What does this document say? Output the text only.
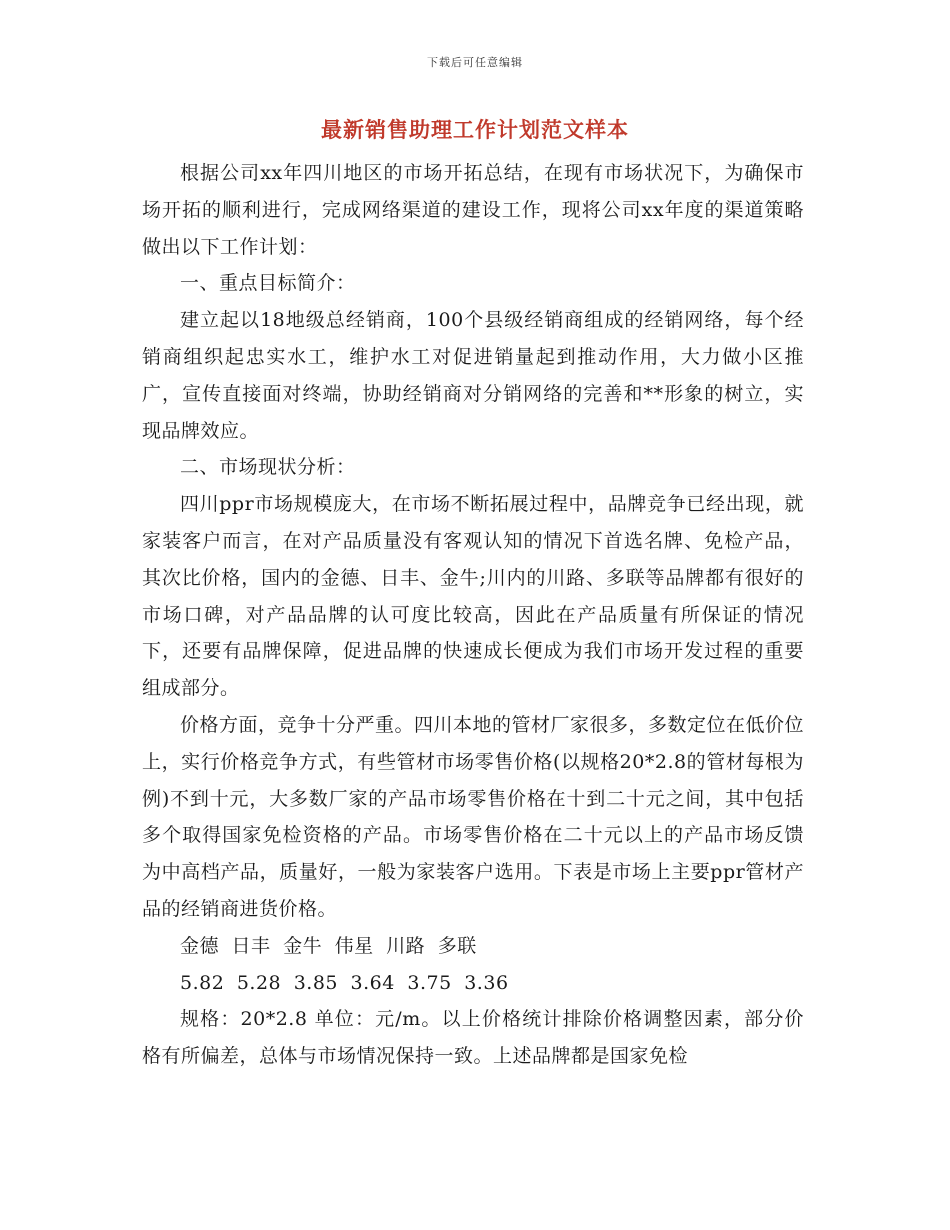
下载后可任意编辑
最新销售助理工作计划范文样本

根据公司xx年四川地区的市场开拓总结，在现有市场状况下，为确保市场开拓的顺利进行，完成网络渠道的建设工作，现将公司xx年度的渠道策略做出以下工作计划：

一、重点目标简介：

建立起以18地级总经销商，100个县级经销商组成的经销网络，每个经销商组织起忠实水工，维护水工对促进销量起到推动作用，大力做小区推广，宣传直接面对终端，协助经销商对分销网络的完善和**形象的树立，实现品牌效应。

二、市场现状分析：

四川ppr市场规模庞大，在市场不断拓展过程中，品牌竞争已经出现，就家装客户而言，在对产品质量没有客观认知的情况下首选名牌、免检产品，其次比价格，国内的金德、日丰、金牛;川内的川路、多联等品牌都有很好的市场口碑，对产品品牌的认可度比较高，因此在产品质量有所保证的情况下，还要有品牌保障，促进品牌的快速成长便成为我们市场开发过程的重要组成部分。

价格方面，竞争十分严重。四川本地的管材厂家很多，多数定位在低价位上，实行价格竞争方式，有些管材市场零售价格(以规格20*2.8的管材每根为例)不到十元，大多数厂家的产品市场零售价格在十到二十元之间，其中包括多个取得国家免检资格的产品。市场零售价格在二十元以上的产品市场反馈为中高档产品，质量好，一般为家装客户选用。下表是市场上主要ppr管材产品的经销商进货价格。

金德 日丰 金牛 伟星 川路 多联

5.82 5.28 3.85 3.64 3.75 3.36

规格：20*2.8 单位：元/m。以上价格统计排除价格调整因素，部分价格有所偏差，总体与市场情况保持一致。上述品牌都是国家免检
